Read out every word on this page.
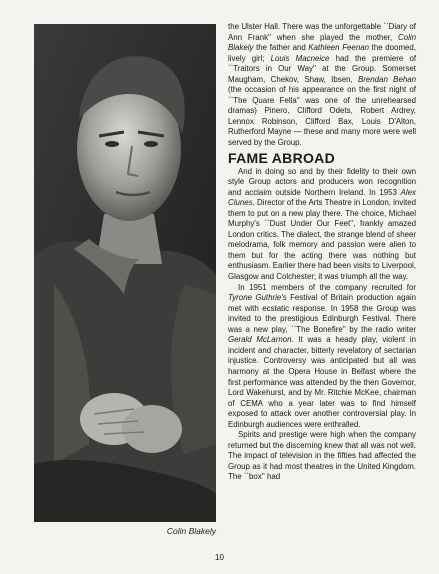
Colin Blakely

the Ulster Hall. There was the unforgettable ``Diary of Ann Frank'' when she played the mother, Colin Blakely the father and Kathleen Feenan the doomed, lively girl; Louis Macneice had the premiere of ``Traitors in Our Way'' at the Group. Somerset Maugham, Chekov, Shaw, Ibsen, Brendan Behan (the occasion of his appearance on the first night of ``The Quare Fella'' was one of the unrehearsed dramas) Pinero, Clifford Odets, Robert Ardrey, Lennox Robinson, Clifford Bax, Louis D'Alton, Rutherford Mayne — these and many more were well served by the Group.

FAME ABROAD

And in doing so and by their fidelity to their own style Group actors and producers won recognition and acclaim outside Northern Ireland. In 1953 Alex Clunes, Director of the Arts Theatre in London, invited them to put on a new play there. The choice, Michael Murphy's ``Dust Under Our Feet'', frankly amazed London critics. The dialect, the strange blend of sheer melodrama, folk memory and passion were alien to them but for the acting there was nothing but enthusiasm. Earlier there had been visits to Liverpool, Glasgow and Colchester; it was triumph all the way.

In 1951 members of the company recruited for Tyrone Guthrie's Festival of Britain production again met with ecstatic response. In 1958 the Group was invited to the prestigious Edinburgh Festival. There was a new play, ``The Bonefire'' by the radio writer Gerald McLarnon. It was a heady play, violent in incident and character, bitterly revelatory of sectarian injustice. Controversy was anticipated but all was harmony at the Opera House in Belfast where the first performance was attended by the then Governor, Lord Wakehurst, and by Mr. Ritchie McKee, chairman of CEMA who a year later was to find himself exposed to attack over another controversial play. In Edinburgh audiences were enthralled.

Spirits and prestige were high when the company returned but the discerning knew that all was not well. The impact of television in the fifties had affected the Group as it had most theatres in the United Kingdom. The ``box'' had

10
